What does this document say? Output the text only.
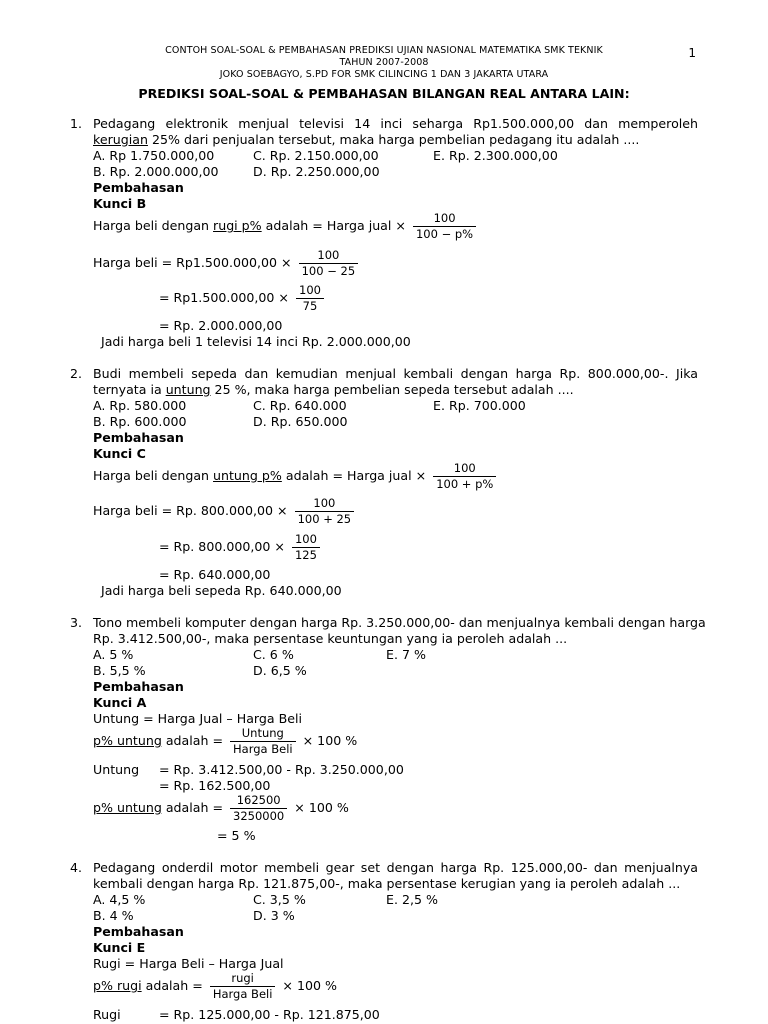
CONTOH SOAL-SOAL & PEMBAHASAN PREDIKSI UJIAN NASIONAL MATEMATIKA SMK TEKNIK
TAHUN 2007-2008
JOKO SOEBAGYO, S.PD FOR SMK CILINCING 1 DAN 3 JAKARTA UTARA
1
PREDIKSI SOAL-SOAL & PEMBAHASAN BILANGAN REAL ANTARA LAIN:
1. Pedagang elektronik menjual televisi 14 inci seharga Rp1.500.000,00 dan memperoleh
kerugian 25% dari penjualan tersebut, maka harga pembelian pedagang itu adalah ....
A. Rp 1.750.000,00	C. Rp. 2.150.000,00	E. Rp. 2.300.000,00
B. Rp. 2.000.000,00	D. Rp. 2.250.000,00
Pembahasan
Kunci B
Harga beli dengan rugi p% adalah = Harga jual × $\frac{100}{100 - p\%}$
Harga beli = $Rp1.500.000,00 \times \frac{100}{100 - 25}$
= $Rp1.500.000,00 \times \frac{100}{75}$
= Rp. 2.000.000,00
Jadi harga beli 1 televisi 14 inci Rp. 2.000.000,00
2. Budi membeli sepeda dan kemudian menjual kembali dengan harga Rp. 800.000,00-. Jika
ternyata ia untung 25 %, maka harga pembelian sepeda tersebut adalah ....
A. Rp. 580.000	C. Rp. 640.000	E. Rp. 700.000
B. Rp. 600.000	D. Rp. 650.000
Pembahasan
Kunci C
Harga beli dengan untung p% adalah = Harga jual × $\frac{100}{100 + p\%}$
Harga beli = Rp. $800.000,00 \times \frac{100}{100 + 25}$
= Rp. $800.000,00 \times \frac{100}{125}$
= Rp. 640.000,00
Jadi harga beli sepeda Rp. 640.000,00
3. Tono membeli komputer dengan harga Rp. 3.250.000,00- dan menjualnya kembali dengan harga
Rp. 3.412.500,00-, maka persentase keuntungan yang ia peroleh adalah ...
A. 5 %	C. 6 %	E. 7 %
B. 5,5 %	D. 6,5 %
Pembahasan
Kunci A
Untung = Harga Jual – Harga Beli
p% untung adalah = $\frac{\text{Untung}}{\text{Harga Beli}} \times 100$ %
Untung = Rp. 3.412.500,00 - Rp. 3.250.000,00
= Rp. 162.500,00
p% untung adalah = $\frac{162500}{3250000} \times 100$ %
= 5 %
4. Pedagang onderdil motor membeli gear set dengan harga Rp. 125.000,00- dan menjualnya
kembali dengan harga Rp. 121.875,00-, maka persentase kerugian yang ia peroleh adalah ...
A. 4,5 %	C. 3,5 %	E. 2,5 %
B. 4 %	D. 3 %
Pembahasan
Kunci E
Rugi = Harga Beli – Harga Jual
p% rugi adalah = $\frac{\text{rugi}}{\text{Harga Beli}} \times 100$ %
Rugi	= Rp. 125.000,00 - Rp. 121.875,00
